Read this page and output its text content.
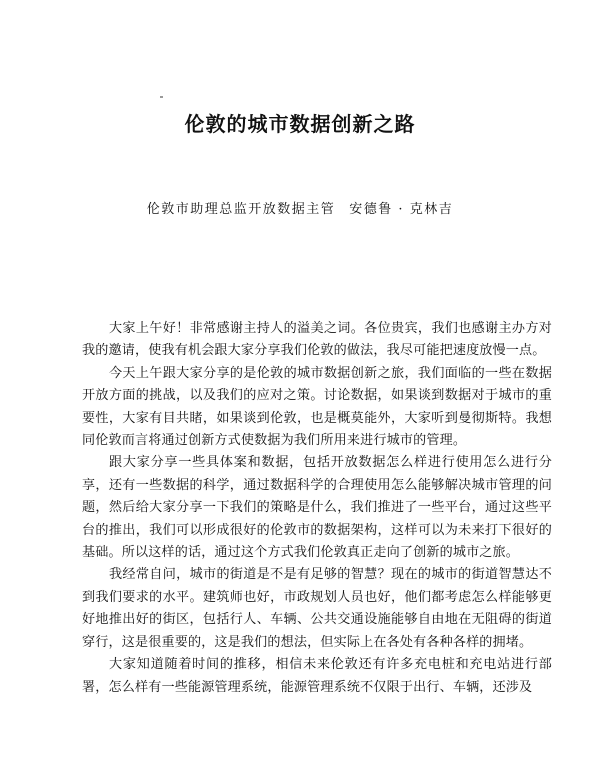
伦敦的城市数据创新之路
伦敦市助理总监开放数据主管 安德鲁 · 克林吉

大家上午好！非常感谢主持人的溢美之词。各位贵宾，我们也感谢主办方对我的邀请，使我有机会跟大家分享我们伦敦的做法，我尽可能把速度放慢一点。

今天上午跟大家分享的是伦敦的城市数据创新之旅，我们面临的一些在数据开放方面的挑战，以及我们的应对之策。讨论数据，如果谈到数据对于城市的重要性，大家有目共睹，如果谈到伦敦，也是概莫能外，大家听到曼彻斯特。我想同伦敦而言将通过创新方式使数据为我们所用来进行城市的管理。

跟大家分享一些具体案和数据，包括开放数据怎么样进行使用怎么进行分享，还有一些数据的科学，通过数据科学的合理使用怎么能够解决城市管理的问题，然后给大家分享一下我们的策略是什么，我们推进了一些平台，通过这些平台的推出，我们可以形成很好的伦敦市的数据架构，这样可以为未来打下很好的基础。所以这样的话，通过这个方式我们伦敦真正走向了创新的城市之旅。

我经常自问，城市的街道是不是有足够的智慧？现在的城市的街道智慧达不到我们要求的水平。建筑师也好，市政规划人员也好，他们都考虑怎么样能够更好地推出好的街区，包括行人、车辆、公共交通设施能够自由地在无阻碍的街道穿行，这是很重要的，这是我们的想法，但实际上在各处有各种各样的拥堵。

大家知道随着时间的推移，相信未来伦敦还有许多充电桩和充电站进行部署，怎么样有一些能源管理系统，能源管理系统不仅限于出行、车辆，还涉及
